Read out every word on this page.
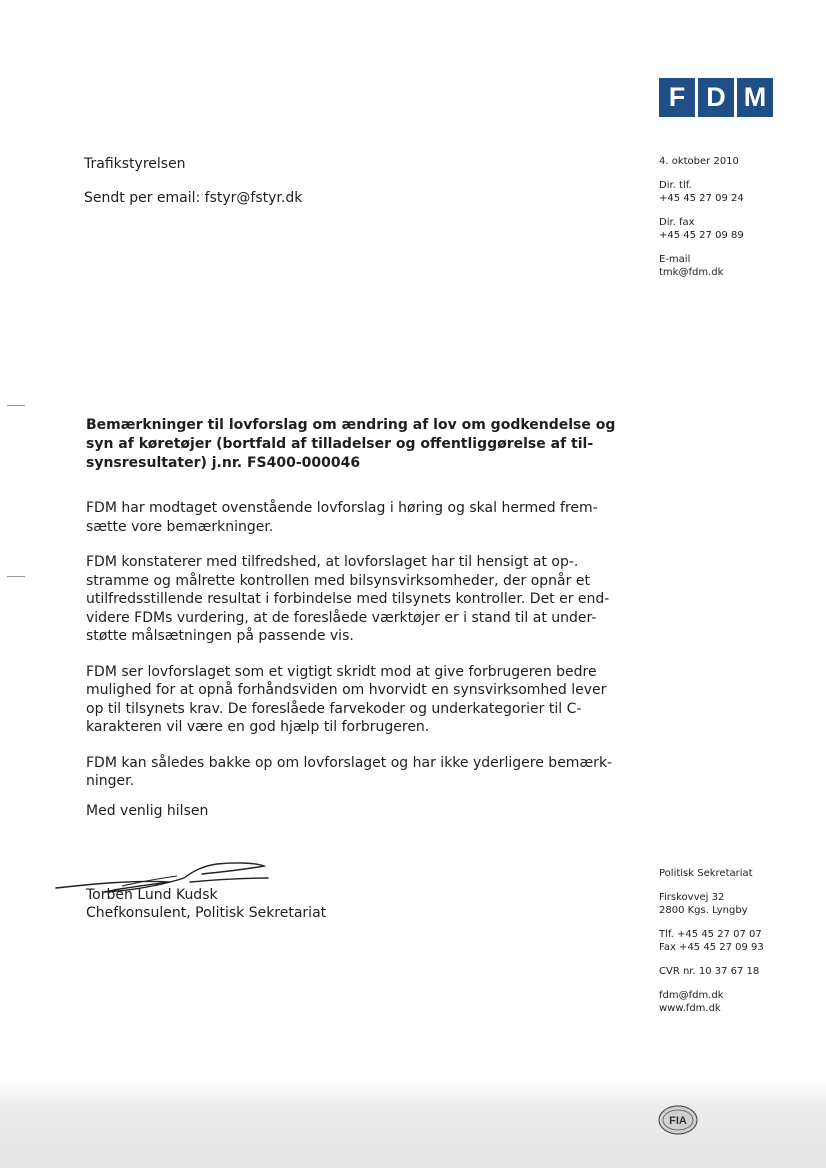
F D M
Trafikstyrelsen
Sendt per email: fstyr@fstyr.dk
4. oktober 2010
Dir. tlf.
+45 45 27 09 24
Dir. fax
+45 45 27 09 89
E-mail
tmk@fdm.dk
Bemærkninger til lovforslag om ændring af lov om godkendelse og
syn af køretøjer (bortfald af tilladelser og offentliggørelse af til-
synsresultater) j.nr. FS400-000046

FDM har modtaget ovenstående lovforslag i høring og skal hermed frem-
sætte vore bemærkninger.

FDM konstaterer med tilfredshed, at lovforslaget har til hensigt at op-.
stramme og målrette kontrollen med bilsynsvirksomheder, der opnår et
utilfredsstillende resultat i forbindelse med tilsynets kontroller. Det er end-
videre FDMs vurdering, at de foreslåede værktøjer er i stand til at under-
støtte målsætningen på passende vis.

FDM ser lovforslaget som et vigtigt skridt mod at give forbrugeren bedre
mulighed for at opnå forhåndsviden om hvorvidt en synsvirksomhed lever
op til tilsynets krav. De foreslåede farvekoder og underkategorier til C-
karakteren vil være en god hjælp til forbrugeren.

FDM kan således bakke op om lovforslaget og har ikke yderligere bemærk-
ninger.

Med venlig hilsen
Torben Lund Kudsk
Chefkonsulent, Politisk Sekretariat
Politisk Sekretariat
Firskovvej 32
2800 Kgs. Lyngby
Tlf. +45 45 27 07 07
Fax +45 45 27 09 93
CVR nr. 10 37 67 18
fdm@fdm.dk
www.fdm.dk
FIA
